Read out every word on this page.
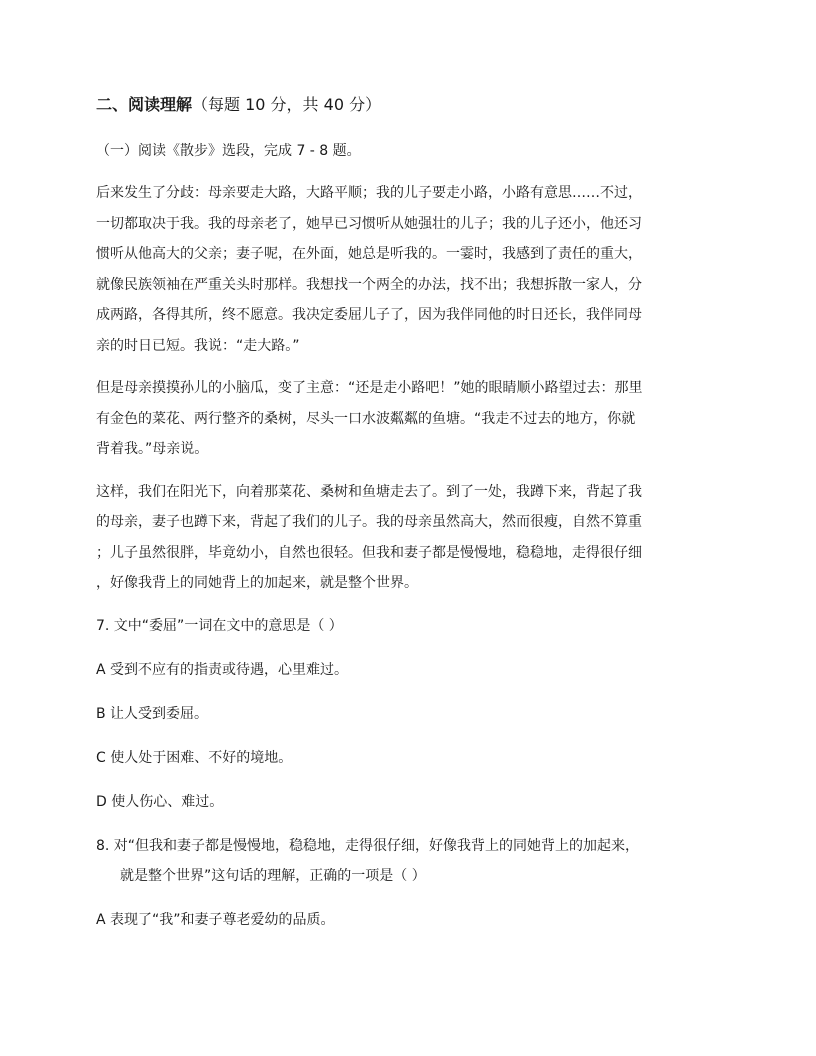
二、阅读理解（每题 10 分，共 40 分）
（一）阅读《散步》选段，完成 7 - 8 题。
后来发生了分歧：母亲要走大路，大路平顺；我的儿子要走小路，小路有意思……不过，
一切都取决于我。我的母亲老了，她早已习惯听从她强壮的儿子；我的儿子还小，他还习
惯听从他高大的父亲；妻子呢，在外面，她总是听我的。一霎时，我感到了责任的重大，
就像民族领袖在严重关头时那样。我想找一个两全的办法，找不出；我想拆散一家人，分
成两路，各得其所，终不愿意。我决定委屈儿子了，因为我伴同他的时日还长，我伴同母
亲的时日已短。我说：“走大路。”
但是母亲摸摸孙儿的小脑瓜，变了主意：“还是走小路吧！”她的眼睛顺小路望过去：那里
有金色的菜花、两行整齐的桑树，尽头一口水波粼粼的鱼塘。“我走不过去的地方，你就
背着我。”母亲说。
这样，我们在阳光下，向着那菜花、桑树和鱼塘走去了。到了一处，我蹲下来，背起了我
的母亲，妻子也蹲下来，背起了我们的儿子。我的母亲虽然高大，然而很瘦，自然不算重
；儿子虽然很胖，毕竟幼小，自然也很轻。但我和妻子都是慢慢地，稳稳地，走得很仔细
，好像我背上的同她背上的加起来，就是整个世界。
7. 文中“委屈”一词在文中的意思是（ ）
A 受到不应有的指责或待遇，心里难过。
B 让人受到委屈。
C 使人处于困难、不好的境地。
D 使人伤心、难过。
8. 对“但我和妻子都是慢慢地，稳稳地，走得很仔细，好像我背上的同她背上的加起来，
就是整个世界”这句话的理解，正确的一项是（ ）
A 表现了“我”和妻子尊老爱幼的品质。
